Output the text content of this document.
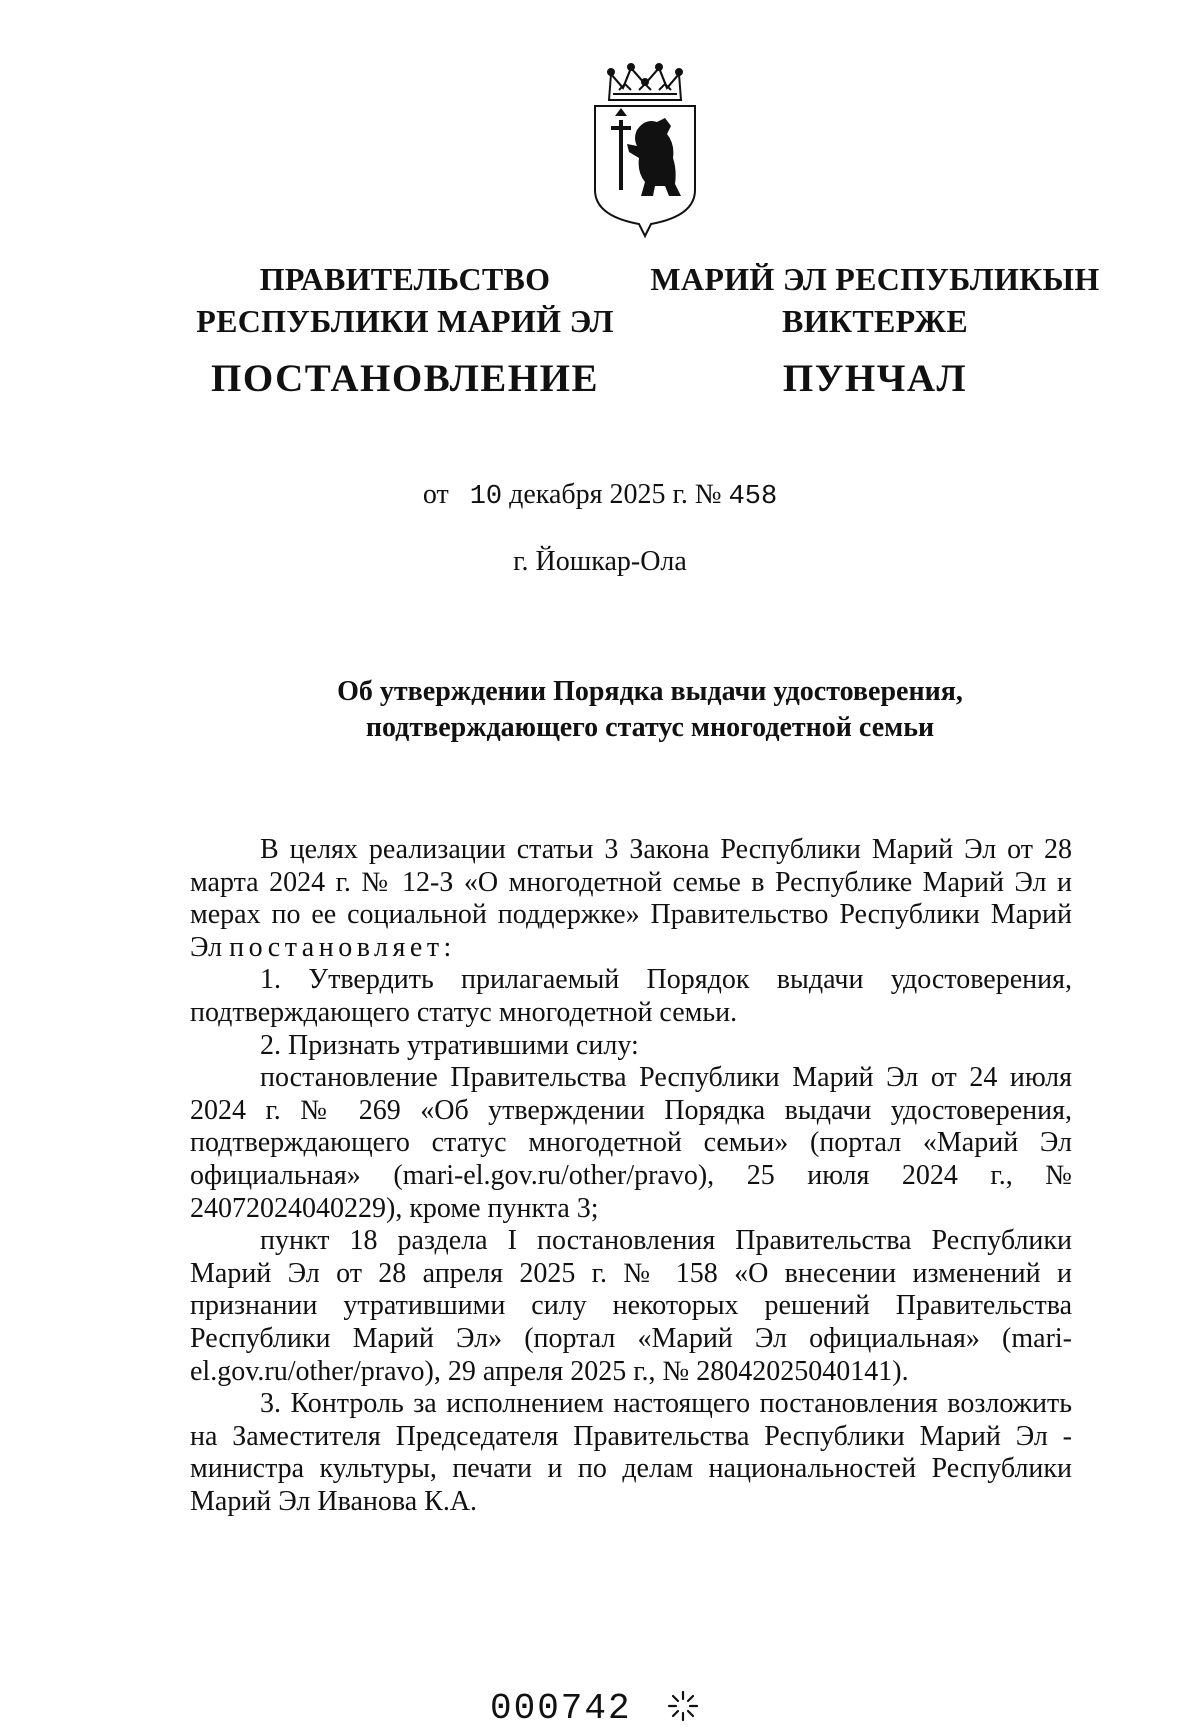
ПРАВИТЕЛЬСТВО
РЕСПУБЛИКИ МАРИЙ ЭЛ
ПОСТАНОВЛЕНИЕ
МАРИЙ ЭЛ РЕСПУБЛИКЫН
ВИКТЕРЖЕ
ПУНЧАЛ
от 10 декабря 2025 г. № 458
г. Йошкар-Ола
Об утверждении Порядка выдачи удостоверения,
подтверждающего статус многодетной семьи

В целях реализации статьи 3 Закона Республики Марий Эл от 28 марта 2024 г. № 12-З «О многодетной семье в Республике Марий Эл и мерах по ее социальной поддержке» Правительство Республики Марий Эл постановляет:

1. Утвердить прилагаемый Порядок выдачи удостоверения, подтверждающего статус многодетной семьи.

2. Признать утратившими силу:

постановление Правительства Республики Марий Эл от 24 июля 2024 г. № 269 «Об утверждении Порядка выдачи удостоверения, подтверждающего статус многодетной семьи» (портал «Марий Эл официальная» (mari-el.gov.ru/other/pravo), 25 июля 2024 г., № 24072024040229), кроме пункта 3;

пункт 18 раздела I постановления Правительства Республики Марий Эл от 28 апреля 2025 г. № 158 «О внесении изменений и признании утратившими силу некоторых решений Правительства Республики Марий Эл» (портал «Марий Эл официальная» (mari-el.gov.ru/other/pravo), 29 апреля 2025 г., № 28042025040141).

3. Контроль за исполнением настоящего постановления возложить на Заместителя Председателя Правительства Республики Марий Эл - министра культуры, печати и по делам национальностей Республики Марий Эл Иванова К.А.

000742
